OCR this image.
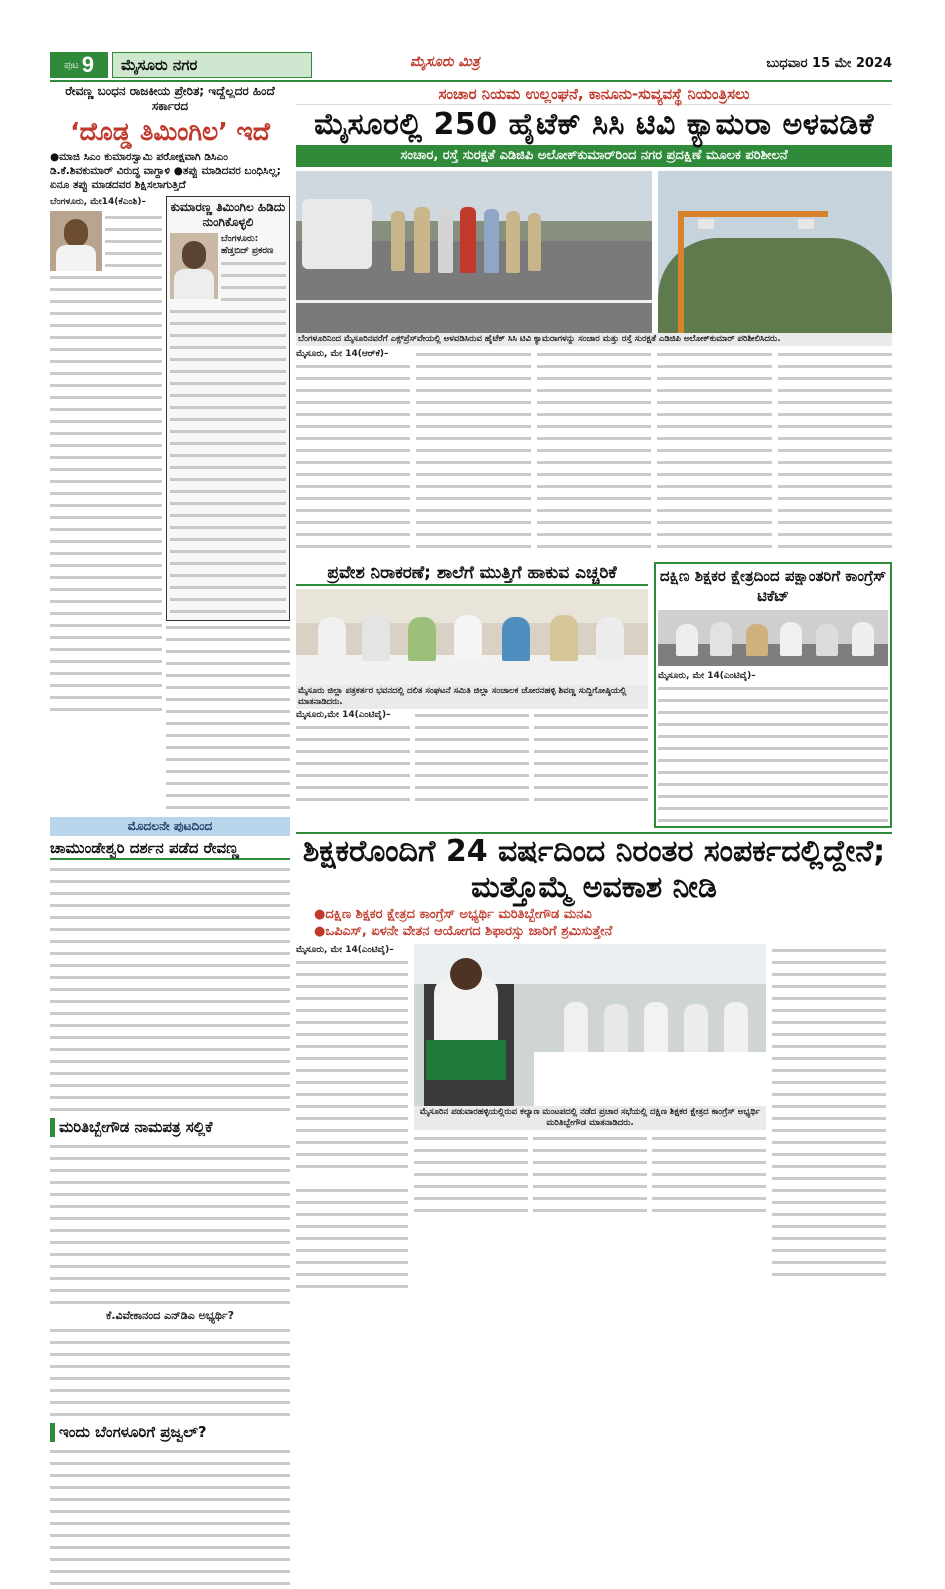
ಪುಟ 9	ಮೈಸೂರು ನಗರ	ಮೈಸೂರು ಮಿತ್ರ	ಬುಧವಾರ 15 ಮೇ 2024
ರೇವಣ್ಣ ಬಂಧನ ರಾಜಕೀಯ ಪ್ರೇರಿತ; ಇದ್ದೆಲ್ಲದರ ಹಿಂದೆ ಸರ್ಕಾರದ
‘ದೊಡ್ಡ ತಿಮಿಂಗಿಲ’ ಇದೆ
●ಮಾಜಿ ಸಿಎಂ ಕುಮಾರಸ್ವಾಮಿ ಪರೋಕ್ಷವಾಗಿ ಡಿಸಿಎಂ ಡಿ.ಕೆ.ಶಿವಕುಮಾರ್ ವಿರುದ್ಧ ವಾಗ್ದಾಳಿ ●ತಪ್ಪು ಮಾಡಿದವರ ಬಂಧಿಸಿಲ್ಲ; ಏನೂ ತಪ್ಪು ಮಾಡದವರ ಶಿಕ್ಷಿಸಲಾಗುತ್ತಿದೆ
ಬೆಂಗಳೂರು, ಮೇ14(ಕೆಎಂಶಿ)–	ಕುಮಾರಣ್ಣ ತಿಮಿಂಗಿಲ ಹಿಡಿದು ನುಂಗಿಕೊಳ್ಳಲಿ
ಬೆಂಗಳೂರು: ಹೆಡ್ತಬಿದ್ ಪ್ರಕರಣ
ಮೊದಲನೇ ಪುಟದಿಂದ
ಚಾಮುಂಡೇಶ್ವರಿ ದರ್ಶನ ಪಡೆದ ರೇವಣ್ಣ
ಮರಿತಿಬ್ಬೇಗೌಡ ನಾಮಪತ್ರ ಸಲ್ಲಿಕೆ
ಕೆ.ವಿವೇಕಾನಂದ ಎನ್‌ಡಿಎ ಅಭ್ಯರ್ಥಿ?
ಇಂದು ಬೆಂಗಳೂರಿಗೆ ಪ್ರಜ್ವಲ್?
ಸಂಚಾರ ನಿಯಮ ಉಲ್ಲಂಘನೆ, ಕಾನೂನು-ಸುವ್ಯವಸ್ಥೆ ನಿಯಂತ್ರಿಸಲು
ಮೈಸೂರಲ್ಲಿ 250 ಹೈಟೆಕ್ ಸಿಸಿ ಟಿವಿ ಕ್ಯಾಮರಾ ಅಳವಡಿಕೆ
ಸಂಚಾರ, ರಸ್ತೆ ಸುರಕ್ಷತೆ ಎಡಿಜಿಪಿ ಅಲೋಕ್‌ಕುಮಾರ್‌ರಿಂದ ನಗರ ಪ್ರದಕ್ಷಿಣೆ ಮೂಲಕ ಪರಿಶೀಲನೆ
ಬೆಂಗಳೂರಿನಿಂದ ಮೈಸೂರಿನವರೆಗೆ ಎಕ್ಸ್‌ಪ್ರೆಸ್‌ವೇಯಲ್ಲಿ ಅಳವಡಿಸಿರುವ ಹೈಟೆಕ್ ಸಿಸಿ ಟಿವಿ ಕ್ಯಾಮರಾಗಳನ್ನು ಸಂಚಾರ ಮತ್ತು ರಸ್ತೆ ಸುರಕ್ಷತೆ ಎಡಿಜಿಪಿ ಅಲೋಕ್‌ಕುಮಾರ್ ಪರಿಶೀಲಿಸಿದರು.
ಮೈಸೂರು, ಮೇ 14(ಆರ್‌ಕೆ)–
ಪ್ರವೇಶ ನಿರಾಕರಣೆ; ಶಾಲೆಗೆ ಮುತ್ತಿಗೆ ಹಾಕುವ ಎಚ್ಚರಿಕೆ
ಮೈಸೂರು ಜಿಲ್ಲಾ ಪತ್ರಕರ್ತರ ಭವನದಲ್ಲಿ ದಲಿತ ಸಂಘಟನೆ ಸಮಿತಿ ಜಿಲ್ಲಾ ಸಂಚಾಲಕ ಚೋರನಹಳ್ಳಿ ಶಿವಣ್ಣ ಸುದ್ದಿಗೋಷ್ಠಿಯಲ್ಲಿ ಮಾತನಾಡಿದರು.
ಮೈಸೂರು,ಮೇ 14(ಎಂಟಿವೈ)–
ದಕ್ಷಿಣ ಶಿಕ್ಷಕರ ಕ್ಷೇತ್ರದಿಂದ ಪಕ್ಷಾಂತರಿಗೆ ಕಾಂಗ್ರೆಸ್ ಟಿಕೆಟ್
ಮೈಸೂರು, ಮೇ 14(ಎಂಟಿವೈ)–
ಶಿಕ್ಷಕರೊಂದಿಗೆ 24 ವರ್ಷದಿಂದ ನಿರಂತರ ಸಂಪರ್ಕದಲ್ಲಿದ್ದೇನೆ; ಮತ್ತೊಮ್ಮೆ ಅವಕಾಶ ನೀಡಿ
●ದಕ್ಷಿಣ ಶಿಕ್ಷಕರ ಕ್ಷೇತ್ರದ ಕಾಂಗ್ರೆಸ್ ಅಭ್ಯರ್ಥಿ ಮರಿತಿಬ್ಬೇಗೌಡ ಮನವಿ
●ಒಪಿಎಸ್, ಏಳನೇ ವೇತನ ಆಯೋಗದ ಶಿಫಾರಸ್ಸು ಜಾರಿಗೆ ಶ್ರಮಿಸುತ್ತೇನೆ
ಮೈಸೂರು, ಮೇ 14(ಎಂಟಿವೈ)–
ಮೈಸೂರಿನ ಪಡುವಾರಹಳ್ಳಿಯಲ್ಲಿರುವ ಕಲ್ಯಾಣ ಮಂಟಪದಲ್ಲಿ ನಡೆದ ಪ್ರಚಾರ ಸಭೆಯಲ್ಲಿ ದಕ್ಷಿಣ ಶಿಕ್ಷಕರ ಕ್ಷೇತ್ರದ ಕಾಂಗ್ರೆಸ್ ಅಭ್ಯರ್ಥಿ ಮರಿತಿಬ್ಬೇಗೌಡ ಮಾತನಾಡಿದರು.
